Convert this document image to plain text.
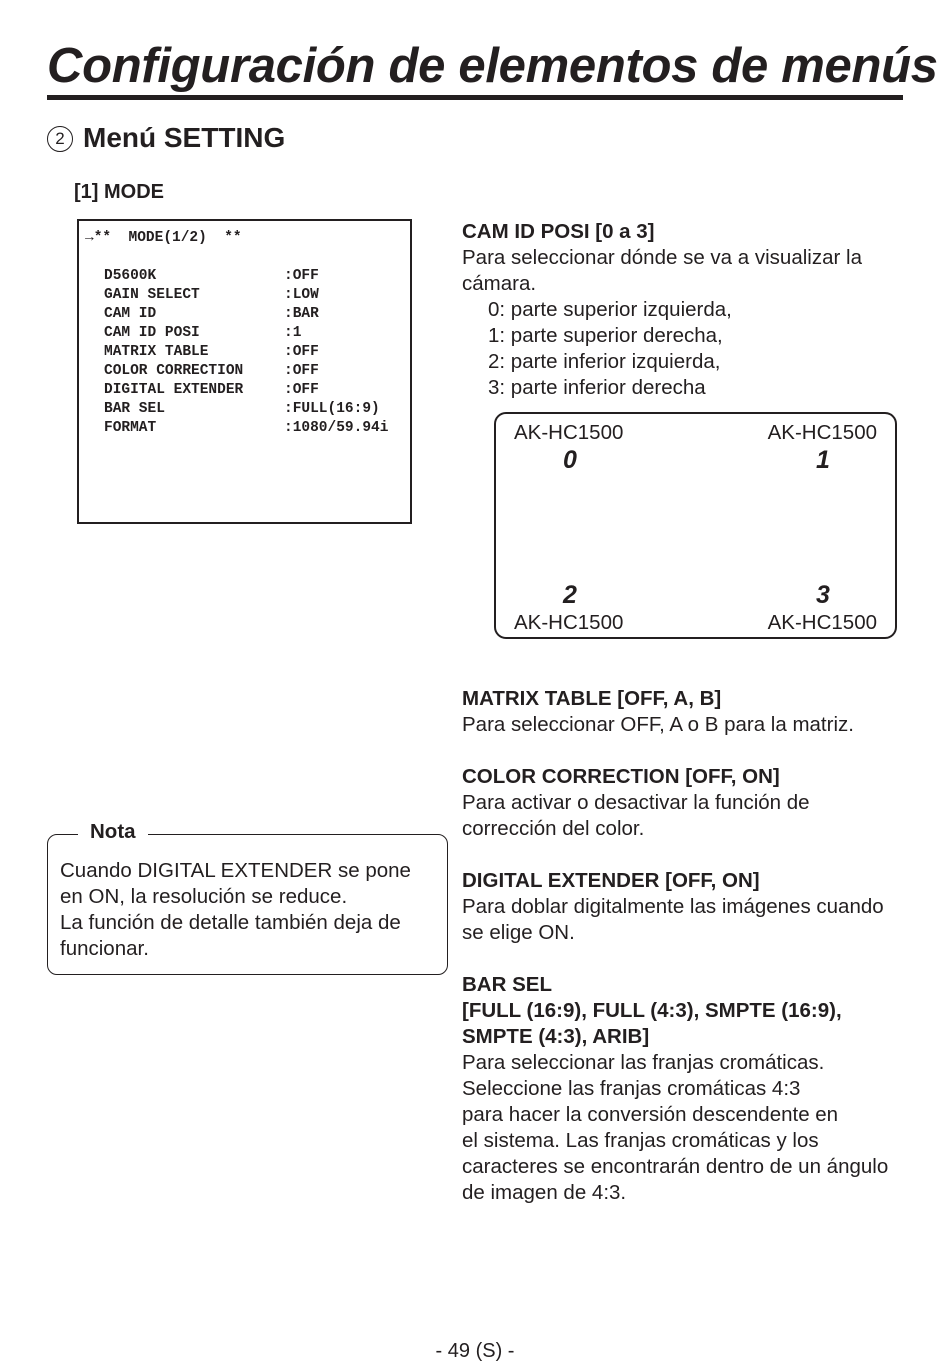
Configuración de elementos de menús
2 Menú SETTING
[1] MODE
→**  MODE(1/2)  **
D5600K	:OFF
GAIN SELECT	:LOW
CAM ID	:BAR
CAM ID POSI	:1
MATRIX TABLE	:OFF
COLOR CORRECTION	:OFF
DIGITAL EXTENDER	:OFF
BAR SEL	:FULL(16:9)
FORMAT	:1080/59.94i
CAM ID POSI [0 a 3]
Para seleccionar dónde se va a visualizar la
cámara.
0: parte superior izquierda,
1: parte superior derecha,
2: parte inferior izquierda,
3: parte inferior derecha
AK-HC1500	AK-HC1500
0	1
2	3
AK-HC1500	AK-HC1500
MATRIX TABLE [OFF, A, B]
Para seleccionar OFF, A o B para la matriz.
COLOR CORRECTION [OFF, ON]
Para activar o desactivar la función de
corrección del color.
DIGITAL EXTENDER [OFF, ON]
Para doblar digitalmente las imágenes cuando
se elige ON.
BAR SEL
[FULL (16:9), FULL (4:3), SMPTE (16:9),
SMPTE (4:3), ARIB]
Para seleccionar las franjas cromáticas.
Seleccione las franjas cromáticas 4:3
para hacer la conversión descendente en
el sistema. Las franjas cromáticas y los
caracteres se encontrarán dentro de un ángulo
de imagen de 4:3.
Nota
Cuando DIGITAL EXTENDER se pone
en ON, la resolución se reduce.
La función de detalle también deja de
funcionar.
- 49 (S) -
